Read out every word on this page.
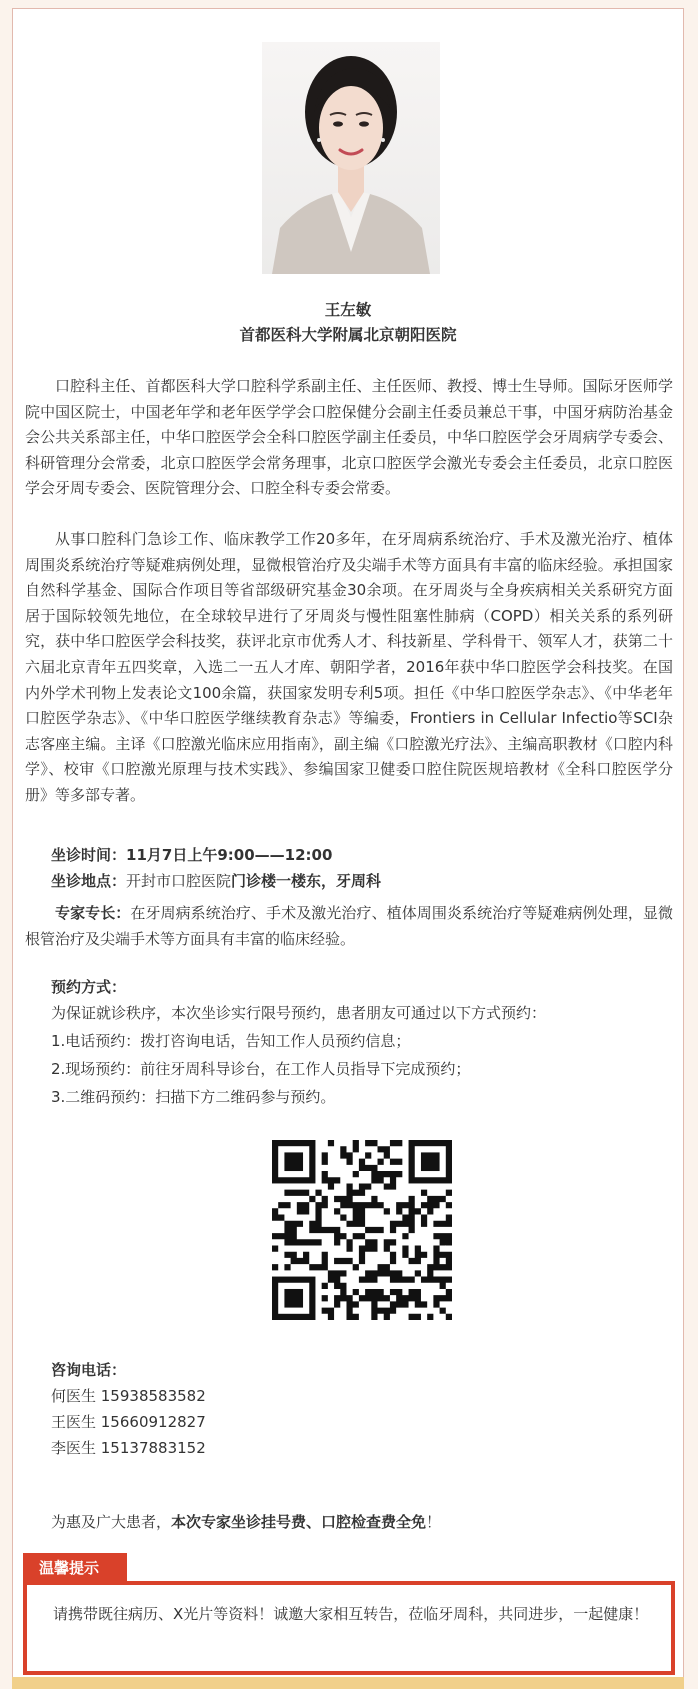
王左敏
首都医科大学附属北京朝阳医院

口腔科主任、首都医科大学口腔科学系副主任、主任医师、教授、博士生导师。国际牙医师学院中国区院士，中国老年学和老年医学学会口腔保健分会副主任委员兼总干事，中国牙病防治基金会公共关系部主任，中华口腔医学会全科口腔医学副主任委员，中华口腔医学会牙周病学专委会、科研管理分会常委，北京口腔医学会常务理事，北京口腔医学会激光专委会主任委员，北京口腔医学会牙周专委会、医院管理分会、口腔全科专委会常委。

从事口腔科门急诊工作、临床教学工作20多年，在牙周病系统治疗、手术及激光治疗、植体周围炎系统治疗等疑难病例处理，显微根管治疗及尖端手术等方面具有丰富的临床经验。承担国家自然科学基金、国际合作项目等省部级研究基金30余项。在牙周炎与全身疾病相关关系研究方面居于国际较领先地位，在全球较早进行了牙周炎与慢性阻塞性肺病（COPD）相关关系的系列研究，获中华口腔医学会科技奖，获评北京市优秀人才、科技新星、学科骨干、领军人才，获第二十六届北京青年五四奖章，入选二一五人才库、朝阳学者，2016年获中华口腔医学会科技奖。在国内外学术刊物上发表论文100余篇，获国家发明专利5项。担任《中华口腔医学杂志》、《中华老年口腔医学杂志》、《中华口腔医学继续教育杂志》等编委，Frontiers in Cellular Infectio等SCI杂志客座主编。主译《口腔激光临床应用指南》，副主编《口腔激光疗法》、主编高职教材《口腔内科学》、校审《口腔激光原理与技术实践》、参编国家卫健委口腔住院医规培教材《全科口腔医学分册》等多部专著。

坐诊时间：11月7日上午9:00——12:00
坐诊地点：开封市口腔医院门诊楼一楼东，牙周科

专家专长：在牙周病系统治疗、手术及激光治疗、植体周围炎系统治疗等疑难病例处理，显微根管治疗及尖端手术等方面具有丰富的临床经验。

预约方式：
为保证就诊秩序，本次坐诊实行限号预约，患者朋友可通过以下方式预约：
1.电话预约：拨打咨询电话，告知工作人员预约信息；
2.现场预约：前往牙周科导诊台，在工作人员指导下完成预约；
3.二维码预约：扫描下方二维码参与预约。
咨询电话：
何医生 15938583582
王医生 15660912827
李医生 15137883152
为惠及广大患者，本次专家坐诊挂号费、口腔检查费全免！

请携带既往病历、X光片等资料！诚邀大家相互转告，莅临牙周科，共同进步，一起健康！

温馨提示
